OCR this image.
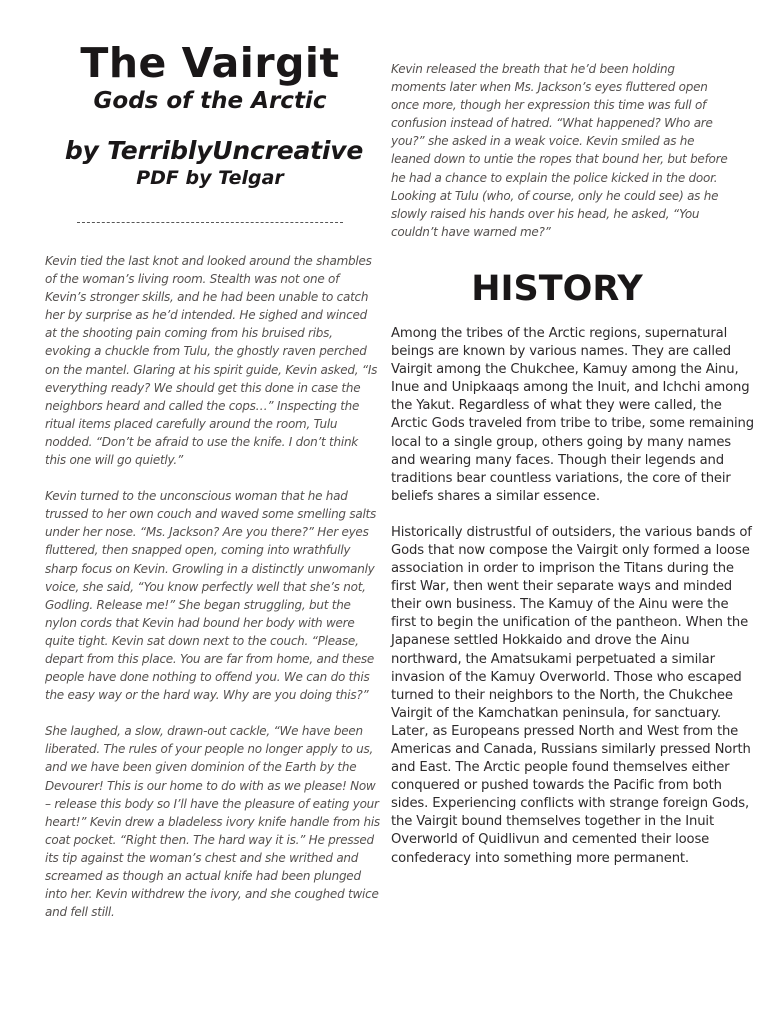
The Vairgit
Gods of the Arctic
by TerriblyUncreative
PDF by Telgar

Kevin tied the last knot and looked around the shambles of the woman’s living room. Stealth was not one of Kevin’s stronger skills, and he had been unable to catch her by surprise as he’d intended. He sighed and winced at the shooting pain coming from his bruised ribs, evoking a chuckle from Tulu, the ghostly raven perched on the mantel. Glaring at his spirit guide, Kevin asked, “Is everything ready? We should get this done in case the neighbors heard and called the cops…” Inspecting the ritual items placed carefully around the room, Tulu nodded. “Don’t be afraid to use the knife. I don’t think this one will go quietly.”

Kevin turned to the unconscious woman that he had trussed to her own couch and waved some smelling salts under her nose. “Ms. Jackson? Are you there?” Her eyes fluttered, then snapped open, coming into wrathfully sharp focus on Kevin. Growling in a distinctly unwomanly voice, she said, “You know perfectly well that she’s not, Godling. Release me!” She began struggling, but the nylon cords that Kevin had bound her body with were quite tight. Kevin sat down next to the couch. “Please, depart from this place. You are far from home, and these people have done nothing to offend you. We can do this the easy way or the hard way. Why are you doing this?”

She laughed, a slow, drawn-out cackle, “We have been liberated. The rules of your people no longer apply to us, and we have been given dominion of the Earth by the Devourer! This is our home to do with as we please! Now – release this body so I’ll have the pleasure of eating your heart!” Kevin drew a bladeless ivory knife handle from his coat pocket. “Right then. The hard way it is.” He pressed its tip against the woman’s chest and she writhed and screamed as though an actual knife had been plunged into her. Kevin withdrew the ivory, and she coughed twice and fell still.

Kevin released the breath that he’d been holding moments later when Ms. Jackson’s eyes fluttered open once more, though her expression this time was full of confusion instead of hatred. “What happened? Who are you?” she asked in a weak voice. Kevin smiled as he leaned down to untie the ropes that bound her, but before he had a chance to explain the police kicked in the door. Looking at Tulu (who, of course, only he could see) as he slowly raised his hands over his head, he asked, “You couldn’t have warned me?”

HISTORY

Among the tribes of the Arctic regions, supernatural beings are known by various names. They are called Vairgit among the Chukchee, Kamuy among the Ainu, Inue and Unipkaaqs among the Inuit, and Ichchi among the Yakut. Regardless of what they were called, the Arctic Gods traveled from tribe to tribe, some remaining local to a single group, others going by many names and wearing many faces. Though their legends and traditions bear countless variations, the core of their beliefs shares a similar essence.

Historically distrustful of outsiders, the various bands of Gods that now compose the Vairgit only formed a loose association in order to imprison the Titans during the first War, then went their separate ways and minded their own business. The Kamuy of the Ainu were the first to begin the unification of the pantheon. When the Japanese settled Hokkaido and drove the Ainu northward, the Amatsukami perpetuated a similar invasion of the Kamuy Overworld. Those who escaped turned to their neighbors to the North, the Chukchee Vairgit of the Kamchatkan peninsula, for sanctuary. Later, as Europeans pressed North and West from the Americas and Canada, Russians similarly pressed North and East. The Arctic people found themselves either conquered or pushed towards the Pacific from both sides. Experiencing conflicts with strange foreign Gods, the Vairgit bound themselves together in the Inuit Overworld of Quidlivun and cemented their loose confederacy into something more permanent.
